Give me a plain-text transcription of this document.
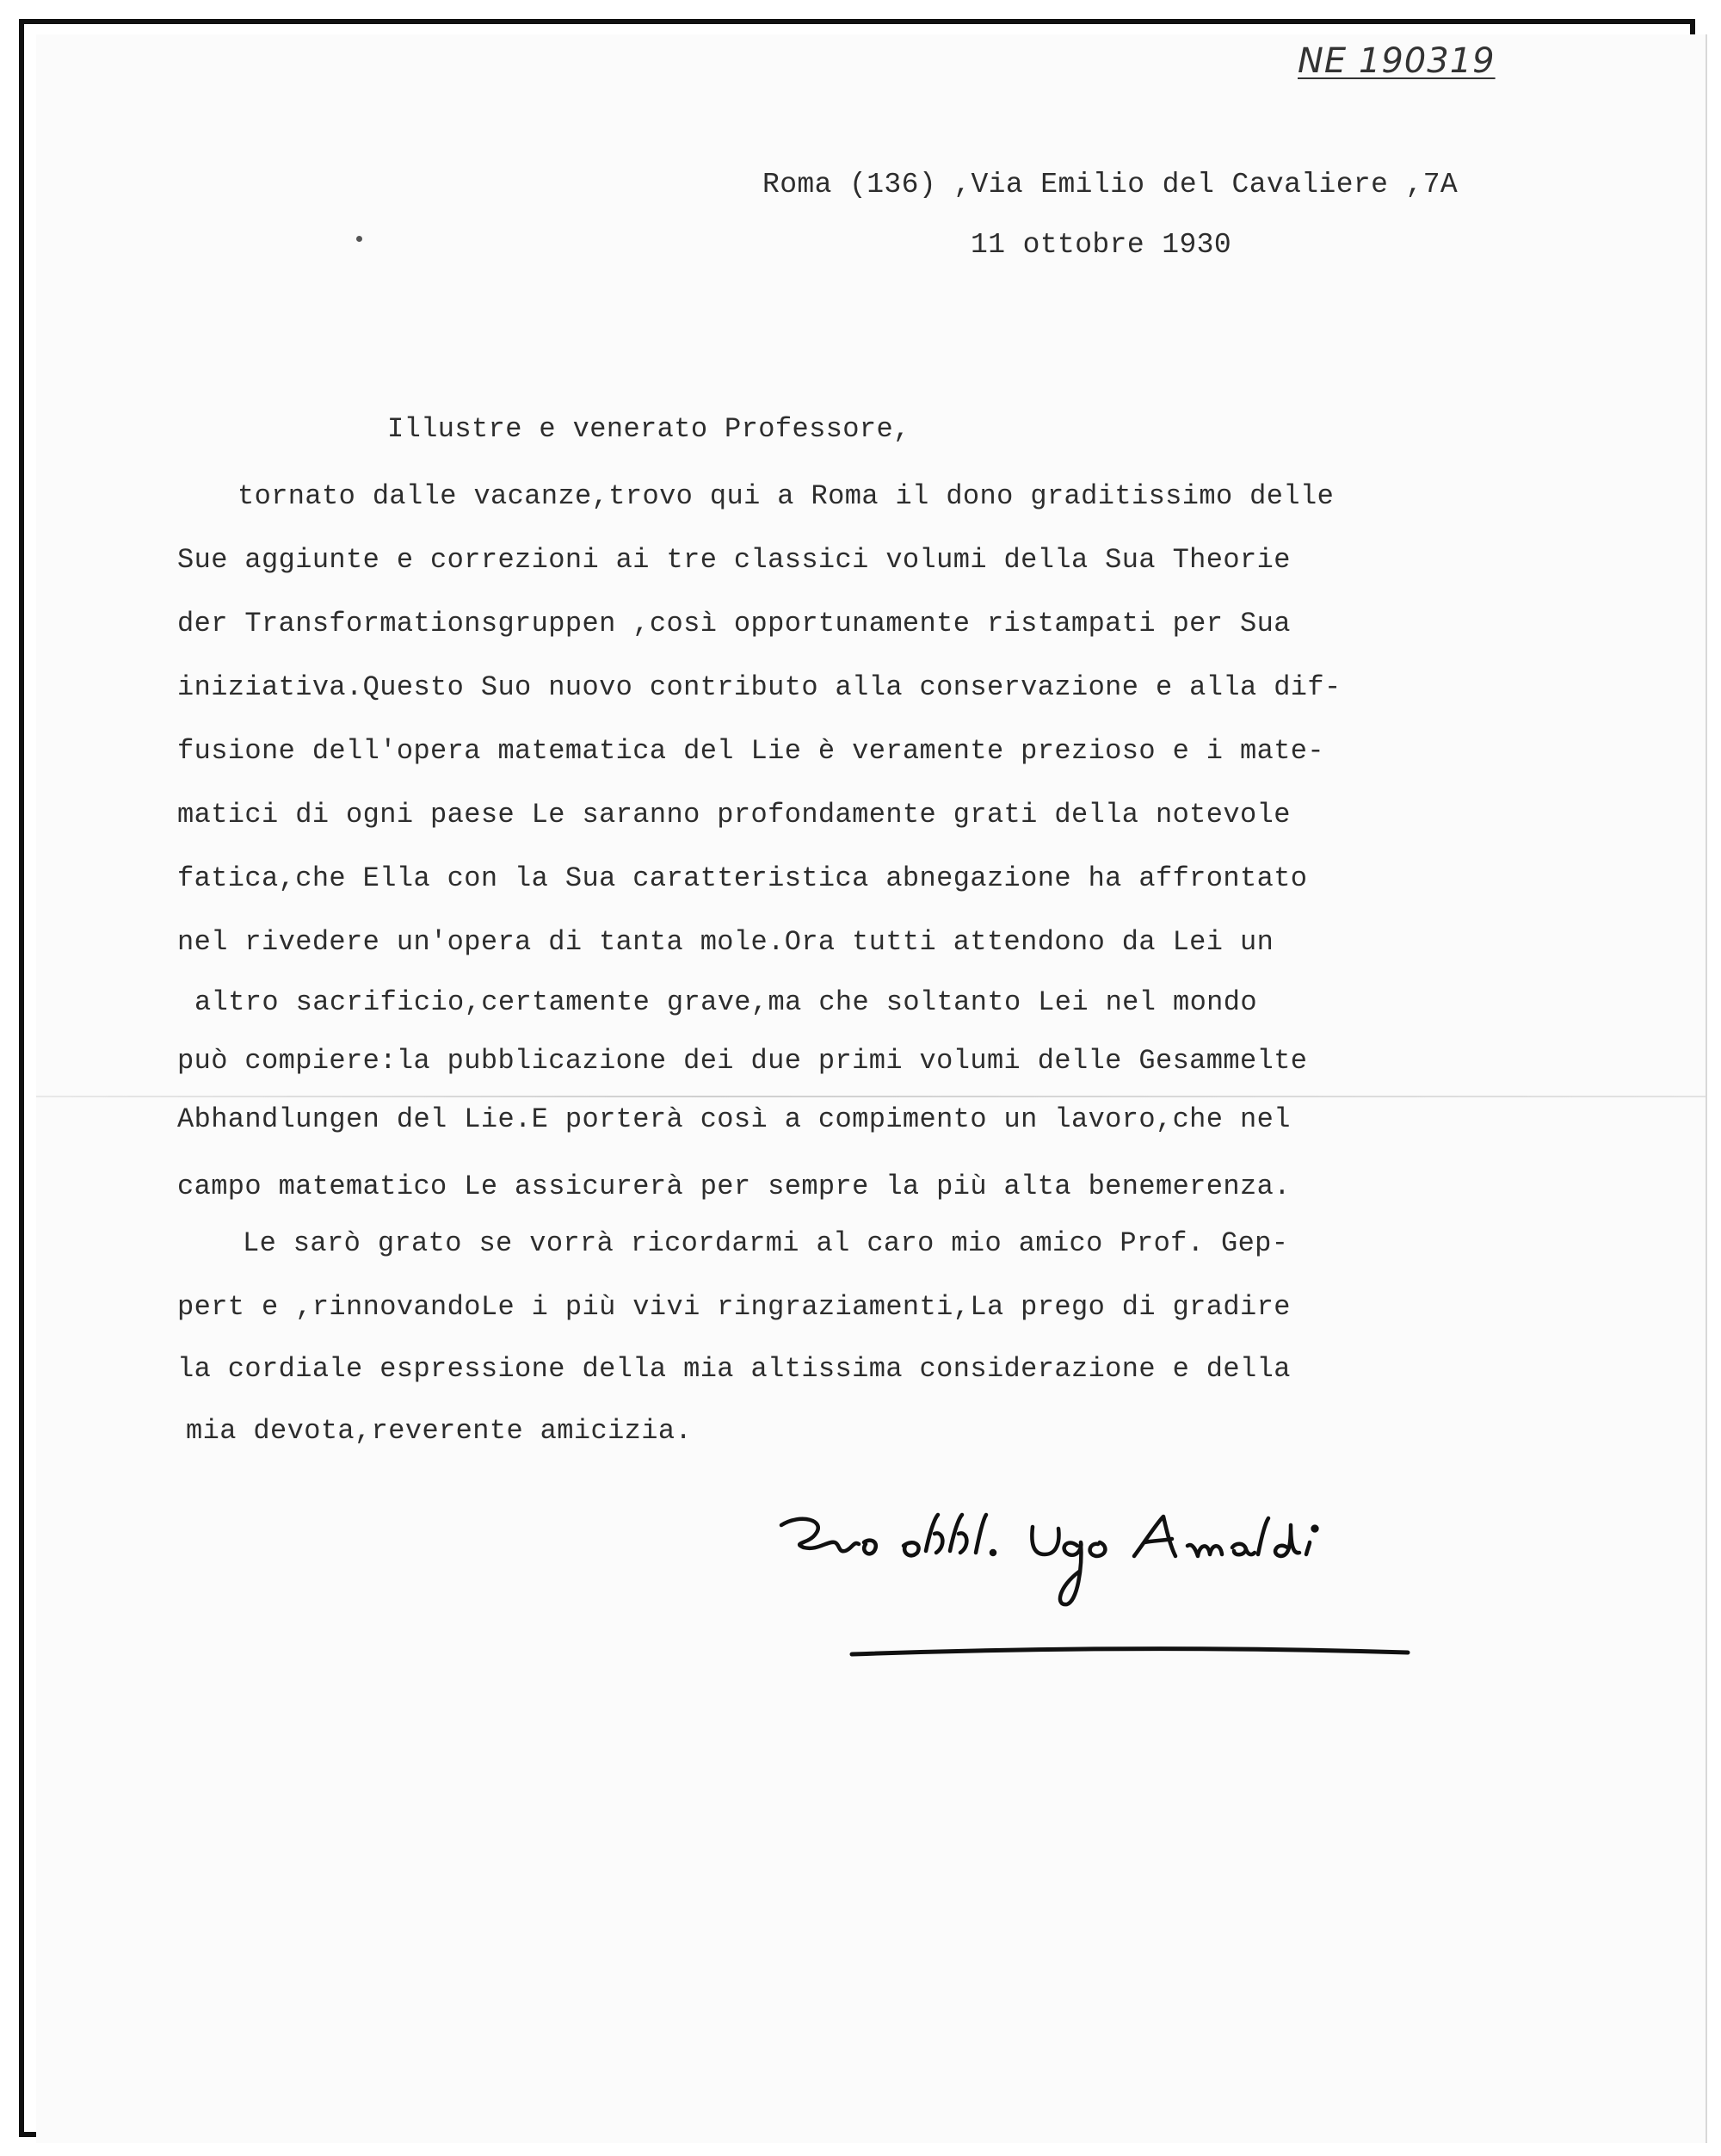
NE 190319
Roma (136) ,Via Emilio del Cavaliere ,7A
11 ottobre 1930
Illustre e venerato Professore,
tornato dalle vacanze,trovo qui a Roma il dono graditissimo delle
Sue aggiunte e correzioni ai tre classici volumi della Sua Theorie
der Transformationsgruppen ,così opportunamente ristampati per Sua
iniziativa.Questo Suo nuovo contributo alla conservazione e alla dif-
fusione dell'opera matematica del Lie è veramente prezioso e i mate-
matici di ogni paese Le saranno profondamente grati della notevole
fatica,che Ella con la Sua caratteristica abnegazione ha affrontato
nel rivedere un'opera di tanta mole.Ora tutti attendono da Lei un
altro sacrificio,certamente grave,ma che soltanto Lei nel mondo
può compiere:la pubblicazione dei due primi volumi delle Gesammelte
Abhandlungen del Lie.E porterà così a compimento un lavoro,che nel
campo matematico Le assicurerà per sempre la più alta benemerenza.
Le sarò grato se vorrà ricordarmi al caro mio amico Prof. Gep-
pert e ,rinnovandoLe i più vivi ringraziamenti,La prego di gradire
la cordiale espressione della mia altissima considerazione e della
mia devota,reverente amicizia.
